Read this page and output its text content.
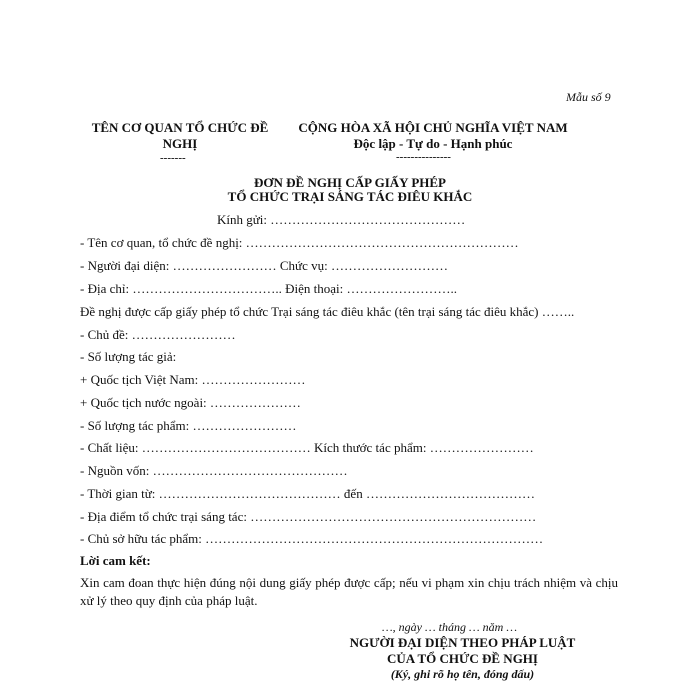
Mẫu số 9
TÊN CƠ QUAN TỔ CHỨC ĐỀ NGHỊ
-------
CỘNG HÒA XÃ HỘI CHỦ NGHĨA VIỆT NAM
Độc lập - Tự do - Hạnh phúc
---------------
ĐƠN ĐỀ NGHỊ CẤP GIẤY PHÉP
TỔ CHỨC TRẠI SÁNG TÁC ĐIÊU KHẮC
Kính gửi: ………………………………………
- Tên cơ quan, tổ chức đề nghị: ………………………………………………………
- Người đại diện: …………………… Chức vụ: ………………………
- Địa chỉ: …………………………….. Điện thoại: ……………………..
Đề nghị được cấp giấy phép tổ chức Trại sáng tác điêu khắc (tên trại sáng tác điêu khắc) ……..
- Chủ đề: ……………………
- Số lượng tác giả:
+ Quốc tịch Việt Nam: ……………………
+ Quốc tịch nước ngoài: …………………
- Số lượng tác phẩm: ……………………
- Chất liệu: ………………………………… Kích thước tác phẩm: ……………………
- Nguồn vốn: ………………………………………
- Thời gian từ: …………………………………… đến …………………………………
- Địa điểm tổ chức trại sáng tác: …………………………………………………………
- Chủ sở hữu tác phẩm: ……………………………………………………………………
Lời cam kết:
Xin cam đoan thực hiện đúng nội dung giấy phép được cấp; nếu vi phạm xin chịu trách nhiệm và chịu xử lý theo quy định của pháp luật.
…, ngày … tháng … năm …
NGƯỜI ĐẠI DIỆN THEO PHÁP LUẬT
CỦA TỔ CHỨC ĐỀ NGHỊ
(Ký, ghi rõ họ tên, đóng dấu)
